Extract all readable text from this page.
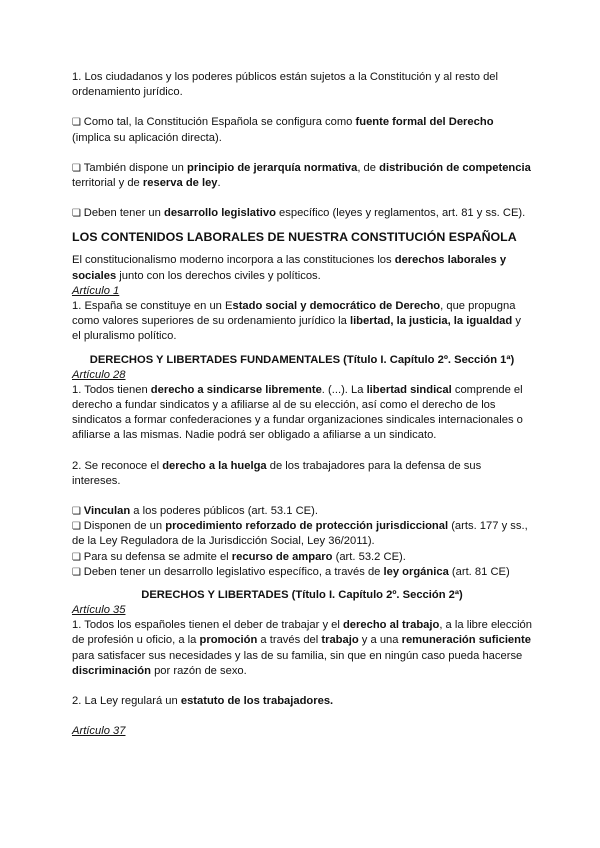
1. Los ciudadanos y los poderes públicos están sujetos a la Constitución y al resto del ordenamiento jurídico.

❏ Como tal, la Constitución Española se configura como fuente formal del Derecho (implica su aplicación directa).

❏ También dispone un principio de jerarquía normativa, de distribución de competencia territorial y de reserva de ley.

❏ Deben tener un desarrollo legislativo específico (leyes y reglamentos, art. 81 y ss. CE).

LOS CONTENIDOS LABORALES DE NUESTRA CONSTITUCIÓN ESPAÑOLA

El constitucionalismo moderno incorpora a las constituciones los derechos laborales y sociales junto con los derechos civiles y políticos.

Artículo 1

1. España se constituye en un Estado social y democrático de Derecho, que propugna como valores superiores de su ordenamiento jurídico la libertad, la justicia, la igualdad y el pluralismo político.

DERECHOS Y LIBERTADES FUNDAMENTALES (Título I. Capítulo 2º. Sección 1ª)

Artículo 28

1. Todos tienen derecho a sindicarse libremente. (...). La libertad sindical comprende el derecho a fundar sindicatos y a afiliarse al de su elección, así como el derecho de los sindicatos a formar confederaciones y a fundar organizaciones sindicales internacionales o afiliarse a las mismas. Nadie podrá ser obligado a afiliarse a un sindicato.

2. Se reconoce el derecho a la huelga de los trabajadores para la defensa de sus intereses.

❏ Vinculan a los poderes públicos (art. 53.1 CE).

❏ Disponen de un procedimiento reforzado de protección jurisdiccional (arts. 177 y ss., de la Ley Reguladora de la Jurisdicción Social, Ley 36/2011).

❏ Para su defensa se admite el recurso de amparo (art. 53.2 CE).

❏ Deben tener un desarrollo legislativo específico, a través de ley orgánica (art. 81 CE)

DERECHOS Y LIBERTADES (Título I. Capítulo 2º. Sección 2ª)

Artículo 35

1. Todos los españoles tienen el deber de trabajar y el derecho al trabajo, a la libre elección de profesión u oficio, a la promoción a través del trabajo y a una remuneración suficiente para satisfacer sus necesidades y las de su familia, sin que en ningún caso pueda hacerse discriminación por razón de sexo.

2. La Ley regulará un estatuto de los trabajadores.

Artículo 37
